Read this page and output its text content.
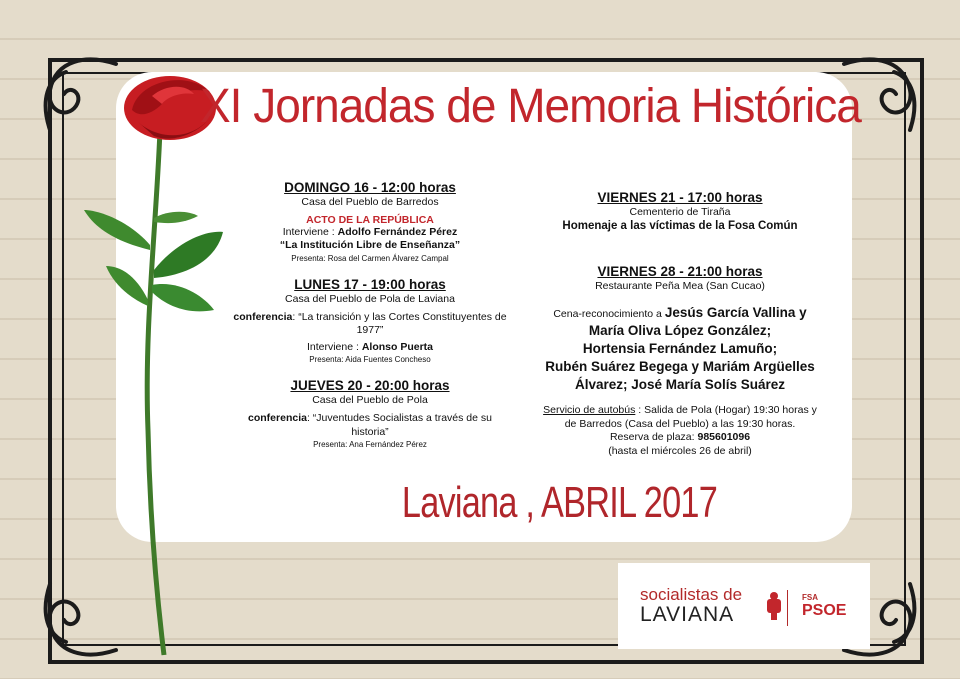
XI Jornadas de Memoria Histórica
DOMINGO 16 - 12:00 horas
Casa del Pueblo de Barredos
ACTO DE LA REPÚBLICA
Interviene : Adolfo Fernández Pérez
“La Institución Libre de Enseñanza”
Presenta: Rosa del Carmen Álvarez Campal
LUNES 17 - 19:00 horas
Casa del Pueblo de Pola de Laviana
conferencia: “La transición y las Cortes Constituyentes de 1977”
Interviene : Alonso Puerta
Presenta: Aida Fuentes Concheso
JUEVES 20 - 20:00 horas
Casa del Pueblo de Pola
conferencia: “Juventudes Socialistas a través de su historia”
Presenta: Ana Fernández Pérez
VIERNES 21 - 17:00 horas
Cementerio de Tiraña
Homenaje a las víctimas de la Fosa Común
VIERNES 28 - 21:00 horas
Restaurante Peña Mea (San Cucao)
Cena-reconocimiento a Jesús García Vallina y
María Oliva López González;
Hortensia Fernández Lamuño;
Rubén Suárez Begega y Mariám Argüelles
Álvarez; José María Solís Suárez
Servicio de autobús : Salida de Pola (Hogar) 19:30 horas y
de Barredos (Casa del Pueblo) a las 19:30 horas.
Reserva de plaza: 985601096
(hasta el miércoles 26 de abril)
Laviana , ABRIL 2017
socialistas de
LAVIANA
FSA
PSOE
